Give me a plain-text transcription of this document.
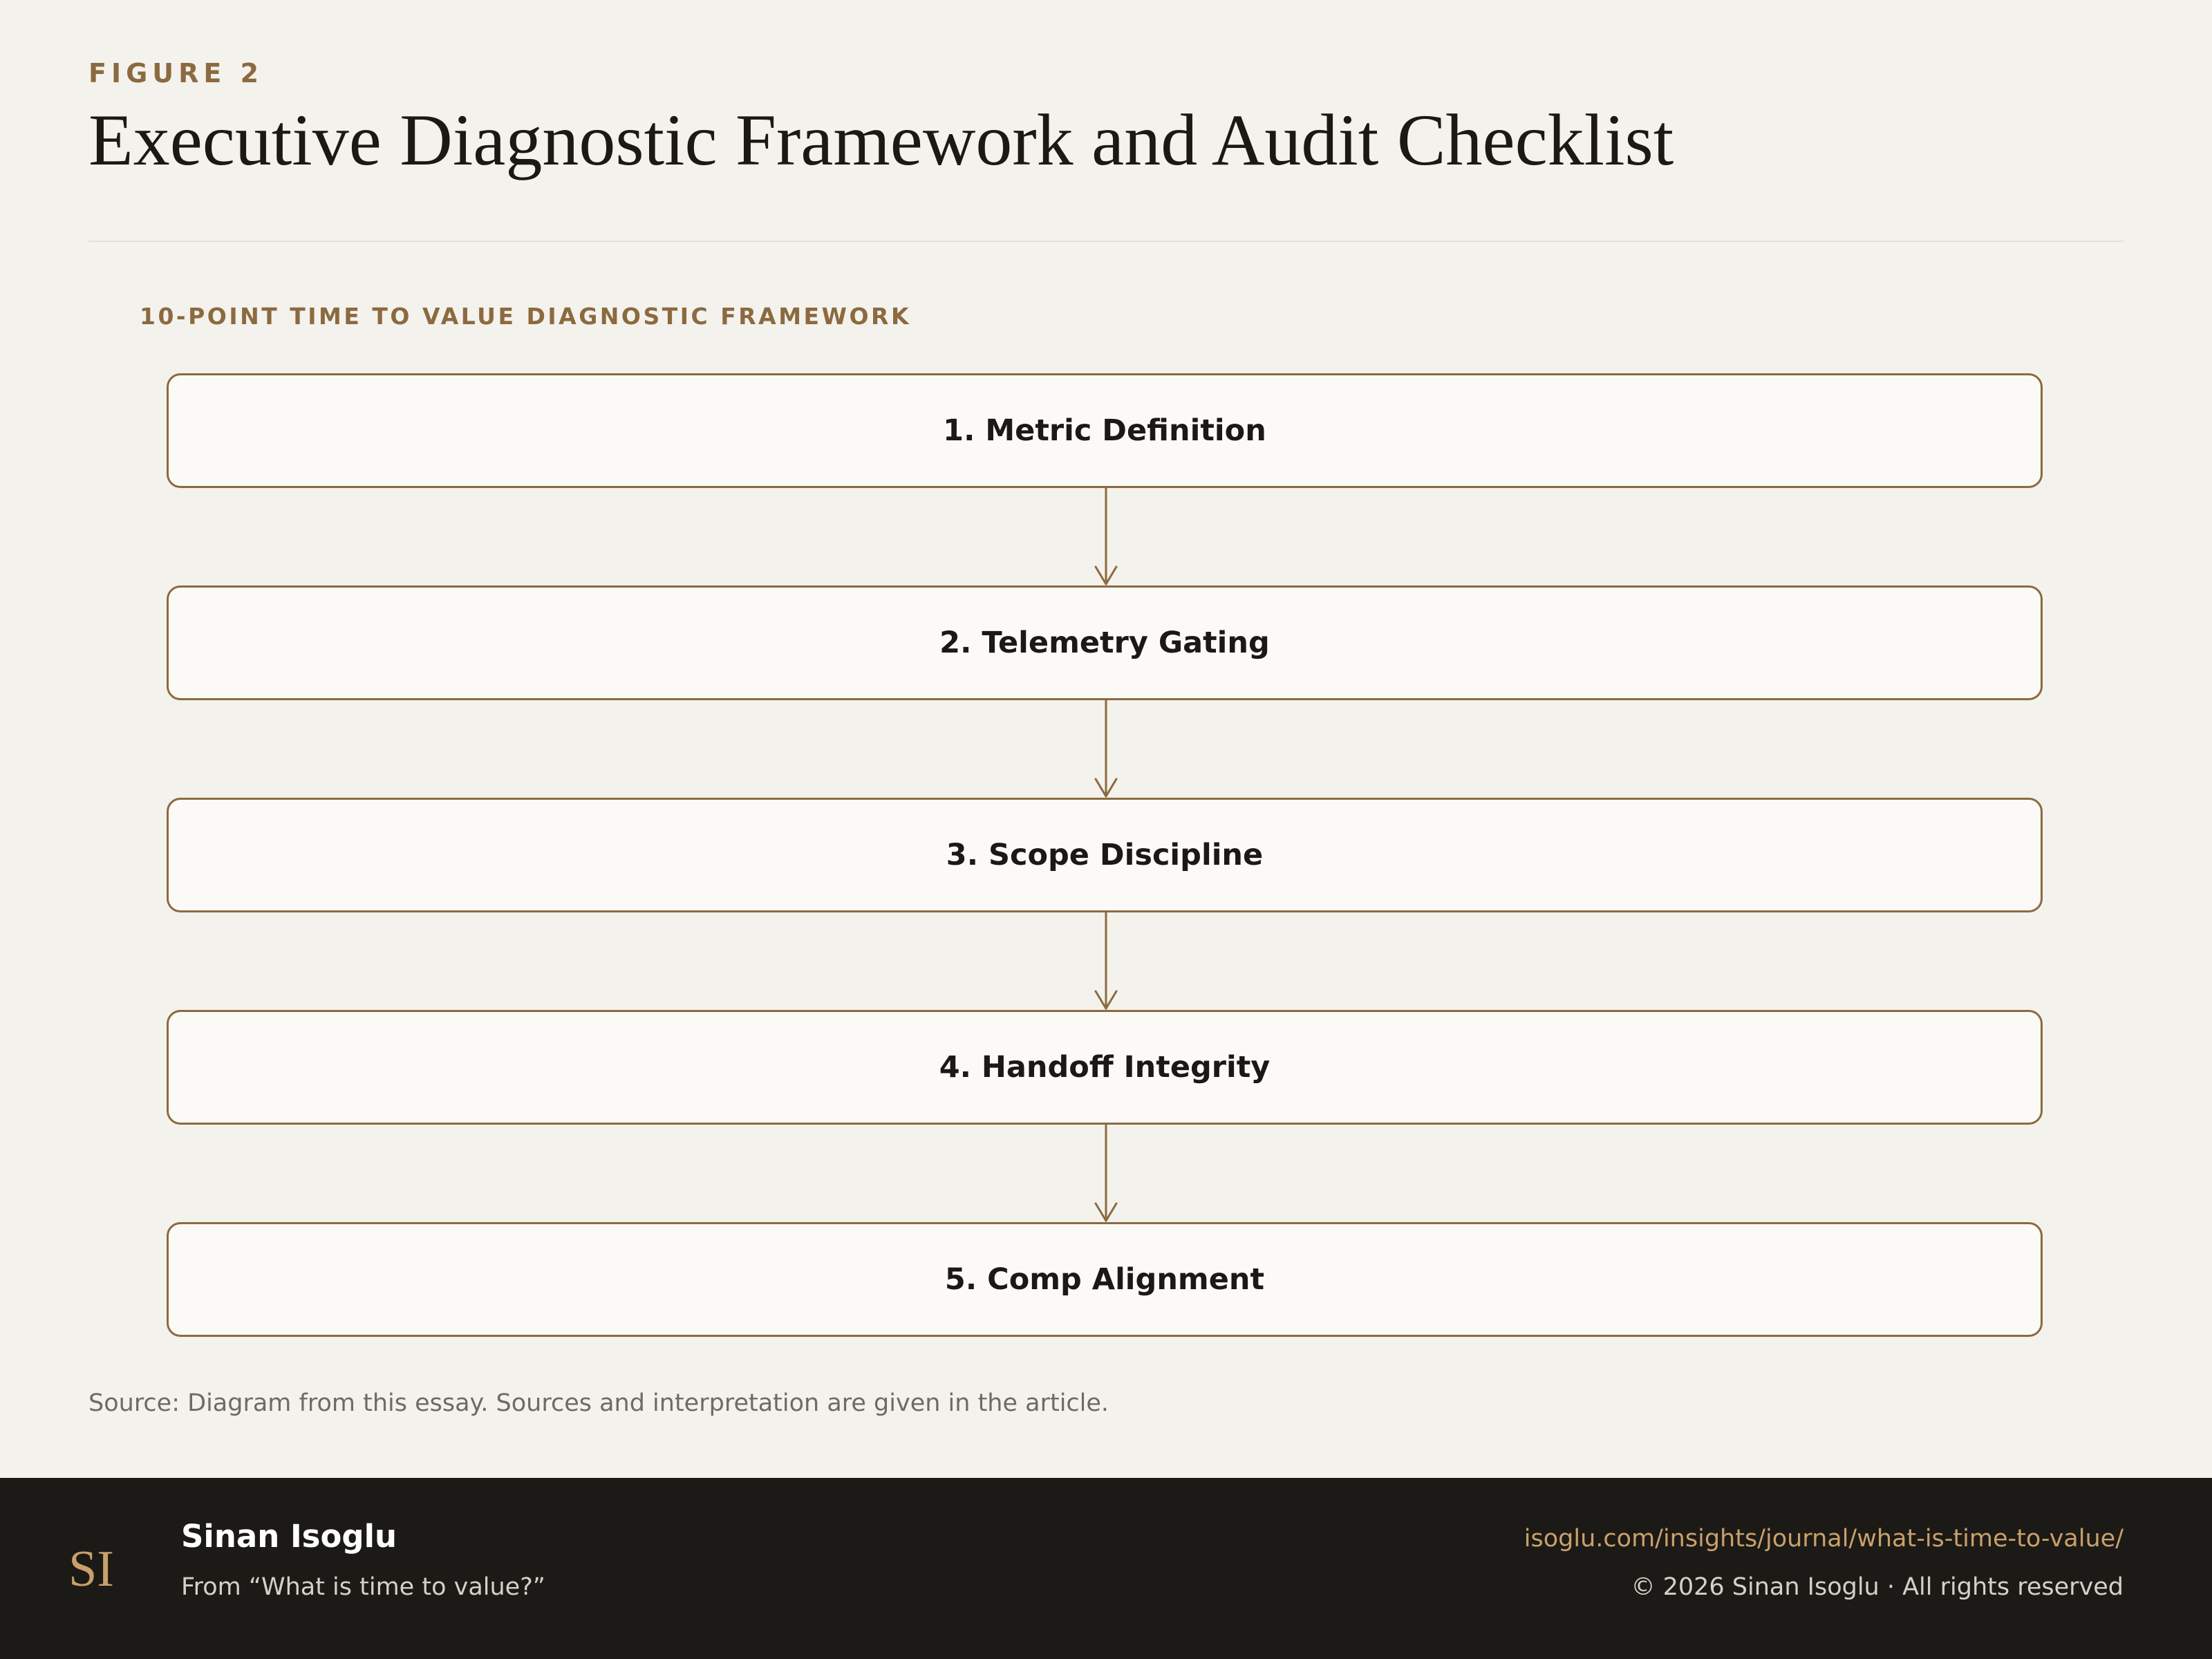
FIGURE 2
Executive Diagnostic Framework and Audit Checklist
10-POINT TIME TO VALUE DIAGNOSTIC FRAMEWORK
1. Metric Definition
2. Telemetry Gating
3. Scope Discipline
4. Handoff Integrity
5. Comp Alignment
Source: Diagram from this essay. Sources and interpretation are given in the article.
SI
Sinan Isoglu
From “What is time to value?”
isoglu.com/insights/journal/what-is-time-to-value/
© 2026 Sinan Isoglu · All rights reserved
